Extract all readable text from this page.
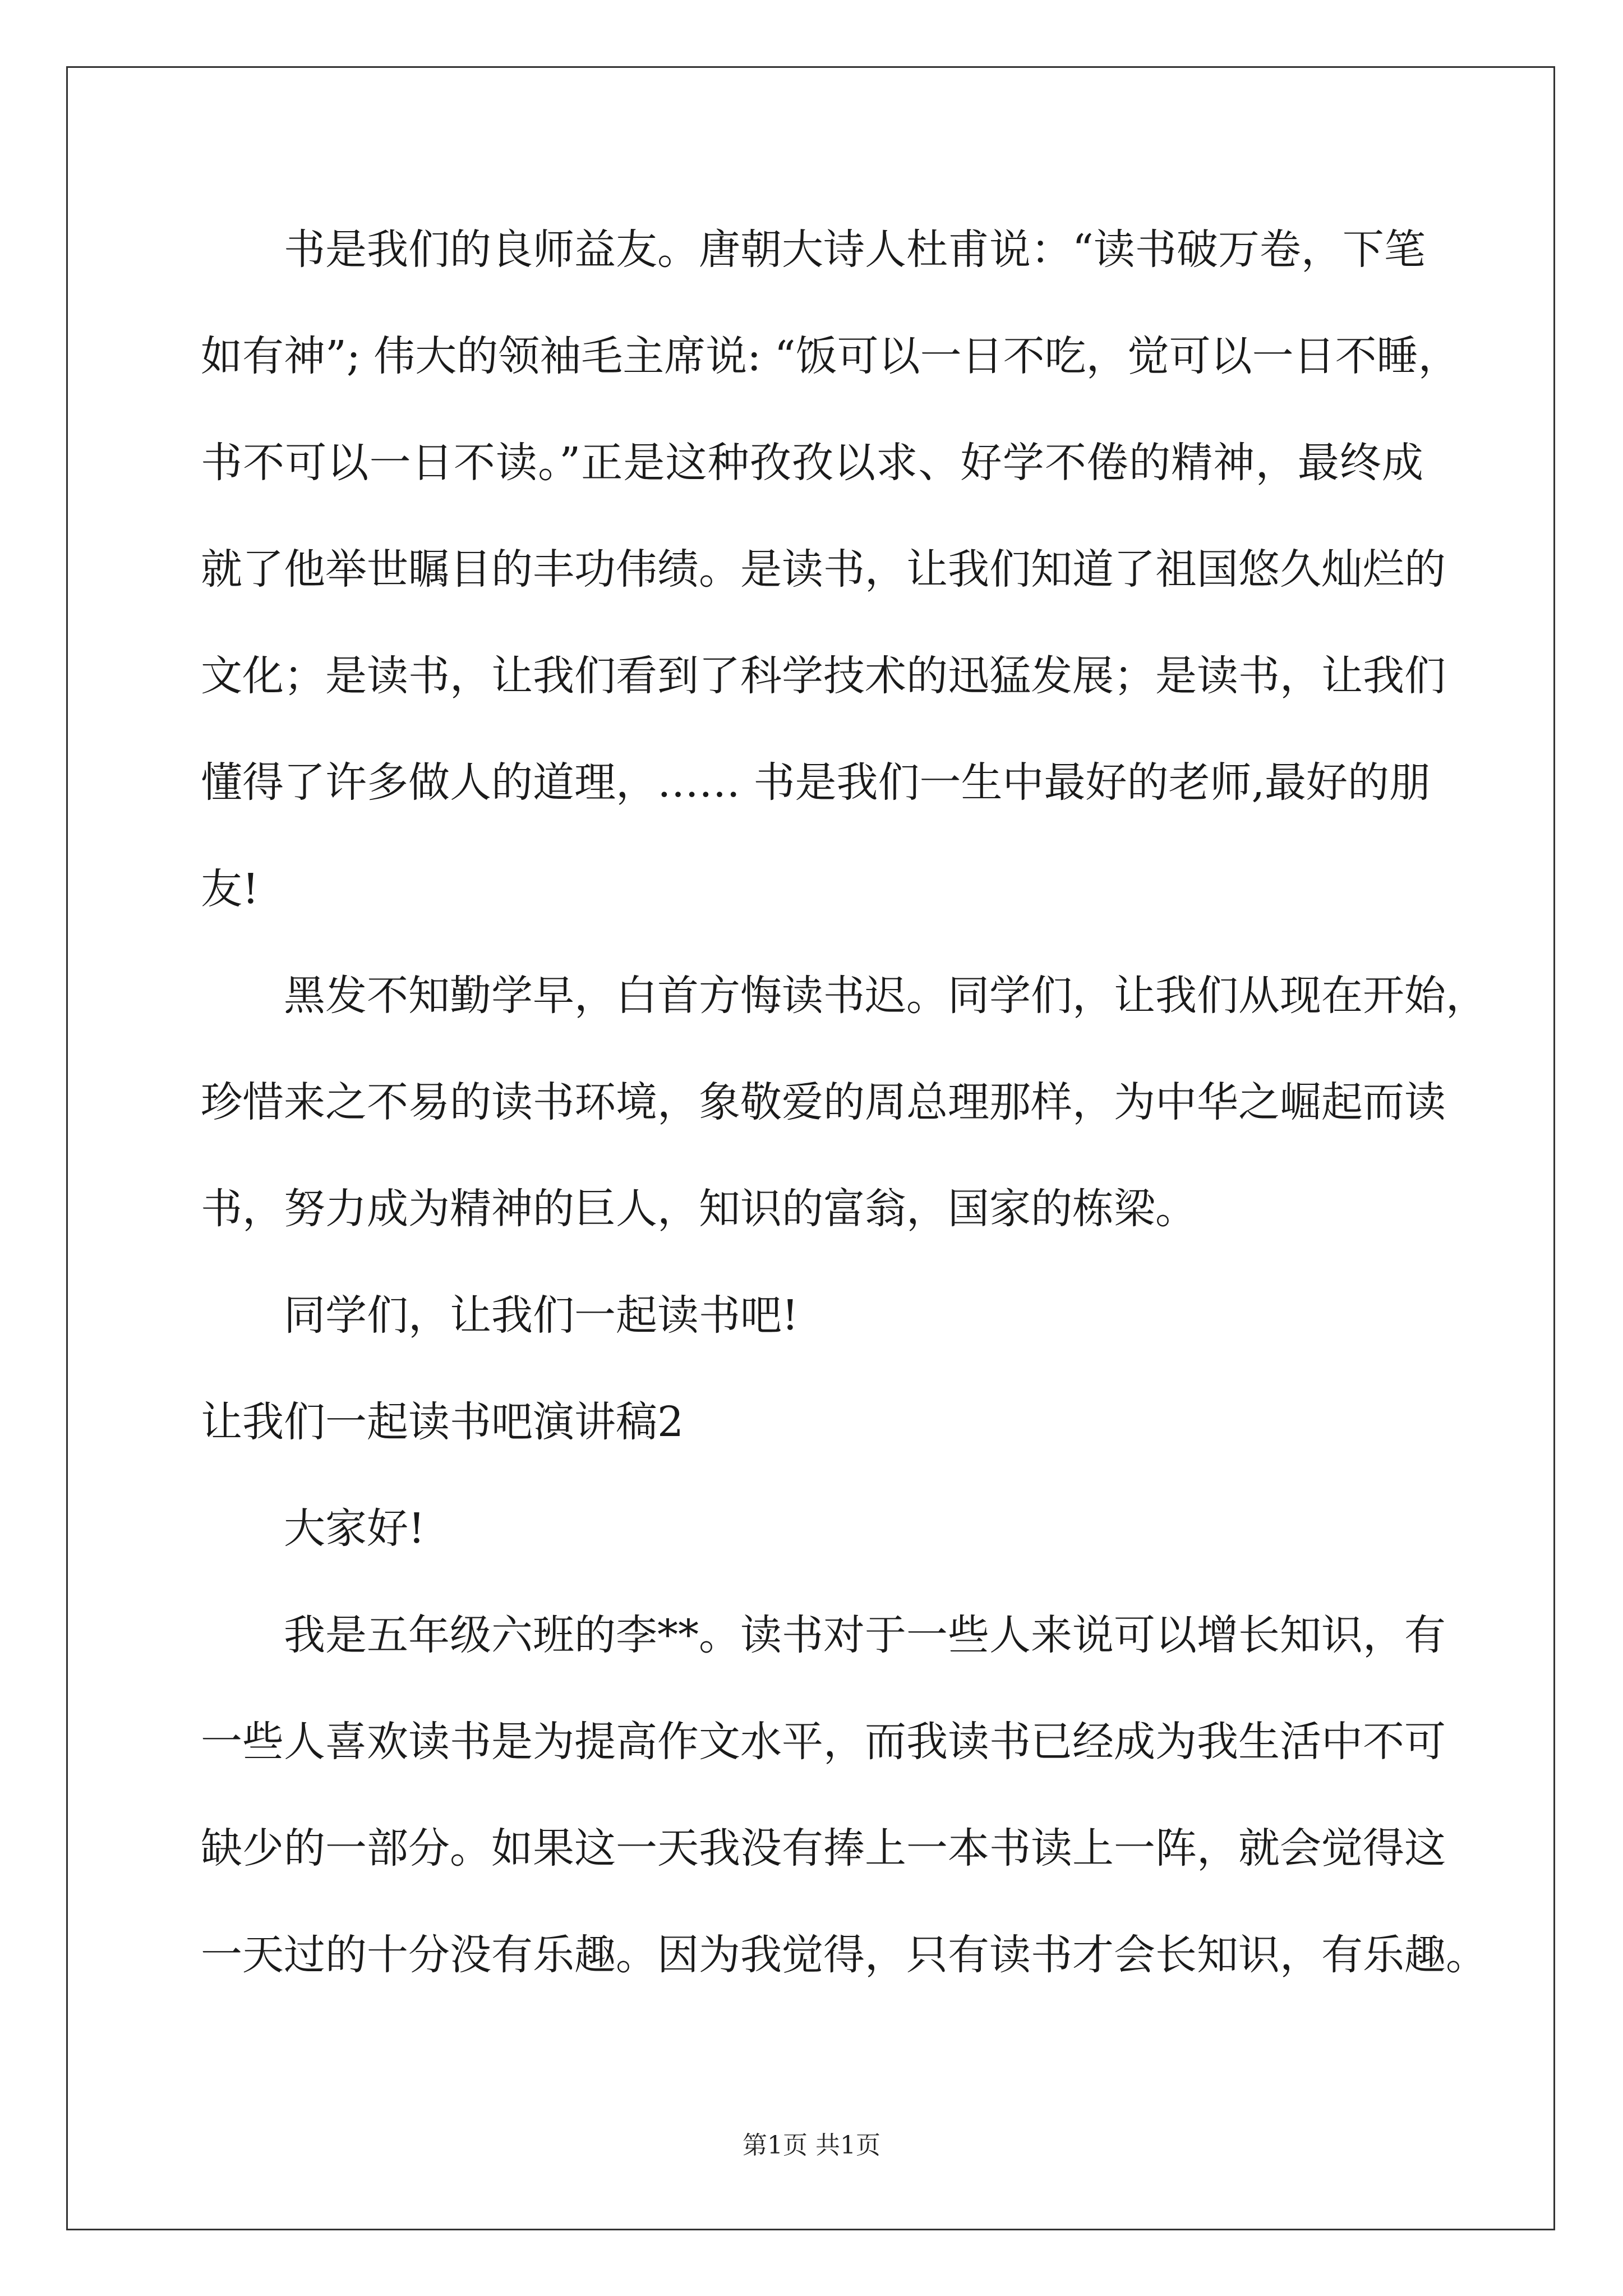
书是我们的良师益友。唐朝大诗人杜甫说：“读书破万卷，下笔
如有神”; 伟大的领袖毛主席说: “饭可以一日不吃，觉可以一日不睡，
书不可以一日不读。”正是这种孜孜以求、好学不倦的精神，最终成
就了他举世瞩目的丰功伟绩。是读书，让我们知道了祖国悠久灿烂的
文化；是读书，让我们看到了科学技术的迅猛发展；是读书，让我们
懂得了许多做人的道理，…… 书是我们一生中最好的老师,最好的朋
友!
黑发不知勤学早，白首方悔读书迟。同学们，让我们从现在开始，
珍惜来之不易的读书环境，象敬爱的周总理那样，为中华之崛起而读
书，努力成为精神的巨人，知识的富翁，国家的栋梁。
同学们，让我们一起读书吧!
让我们一起读书吧演讲稿2
大家好!
我是五年级六班的李**。读书对于一些人来说可以增长知识，有
一些人喜欢读书是为提高作文水平，而我读书已经成为我生活中不可
缺少的一部分。如果这一天我没有捧上一本书读上一阵，就会觉得这
一天过的十分没有乐趣。因为我觉得，只有读书才会长知识，有乐趣。
第1页 共1页
